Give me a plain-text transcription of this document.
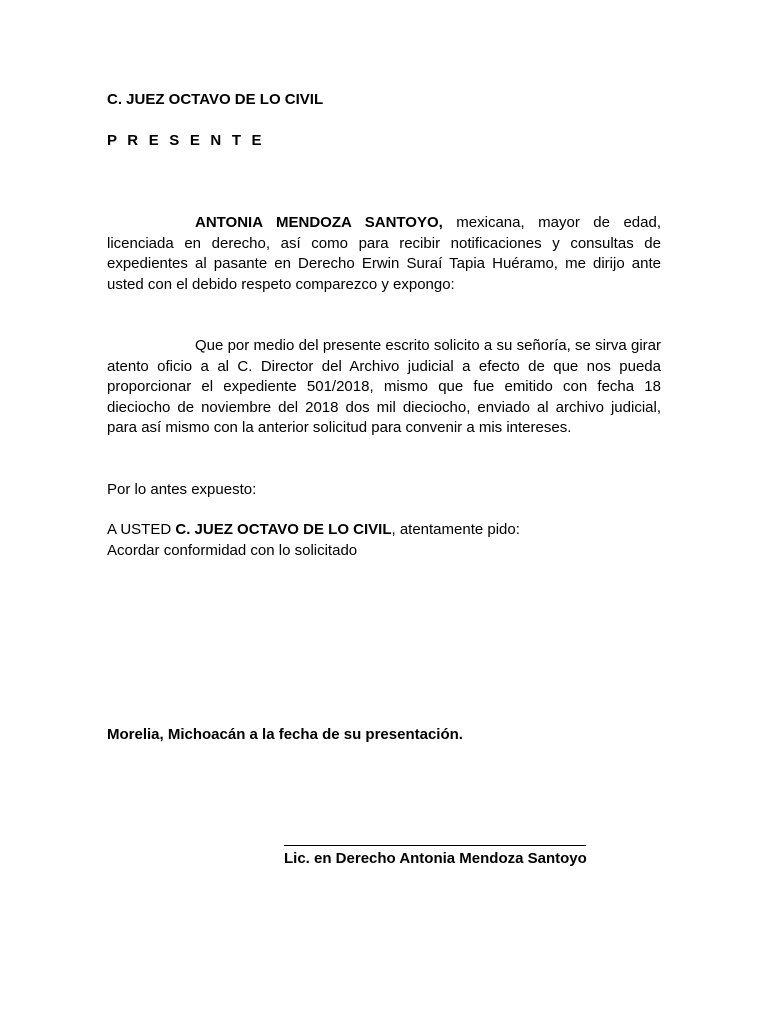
C. JUEZ OCTAVO DE LO CIVIL

P R E S E N T E

ANTONIA MENDOZA SANTOYO, mexicana, mayor de edad, licenciada en derecho, así como para recibir notificaciones y consultas de expedientes al pasante en Derecho Erwin Suraí Tapia Huéramo, me dirijo ante usted con el debido respeto comparezco y expongo:

Que por medio del presente escrito solicito a su señoría, se sirva girar atento oficio a al C. Director del Archivo judicial a efecto de que nos pueda proporcionar el expediente 501/2018, mismo que fue emitido con fecha 18 dieciocho de noviembre del 2018 dos mil dieciocho, enviado al archivo judicial, para así mismo con la anterior solicitud para convenir a mis intereses.

Por lo antes expuesto:

A USTED C. JUEZ OCTAVO DE LO CIVIL, atentamente pido:

Acordar conformidad con lo solicitado

Morelia, Michoacán a la fecha de su presentación.

Lic. en Derecho Antonia Mendoza Santoyo
